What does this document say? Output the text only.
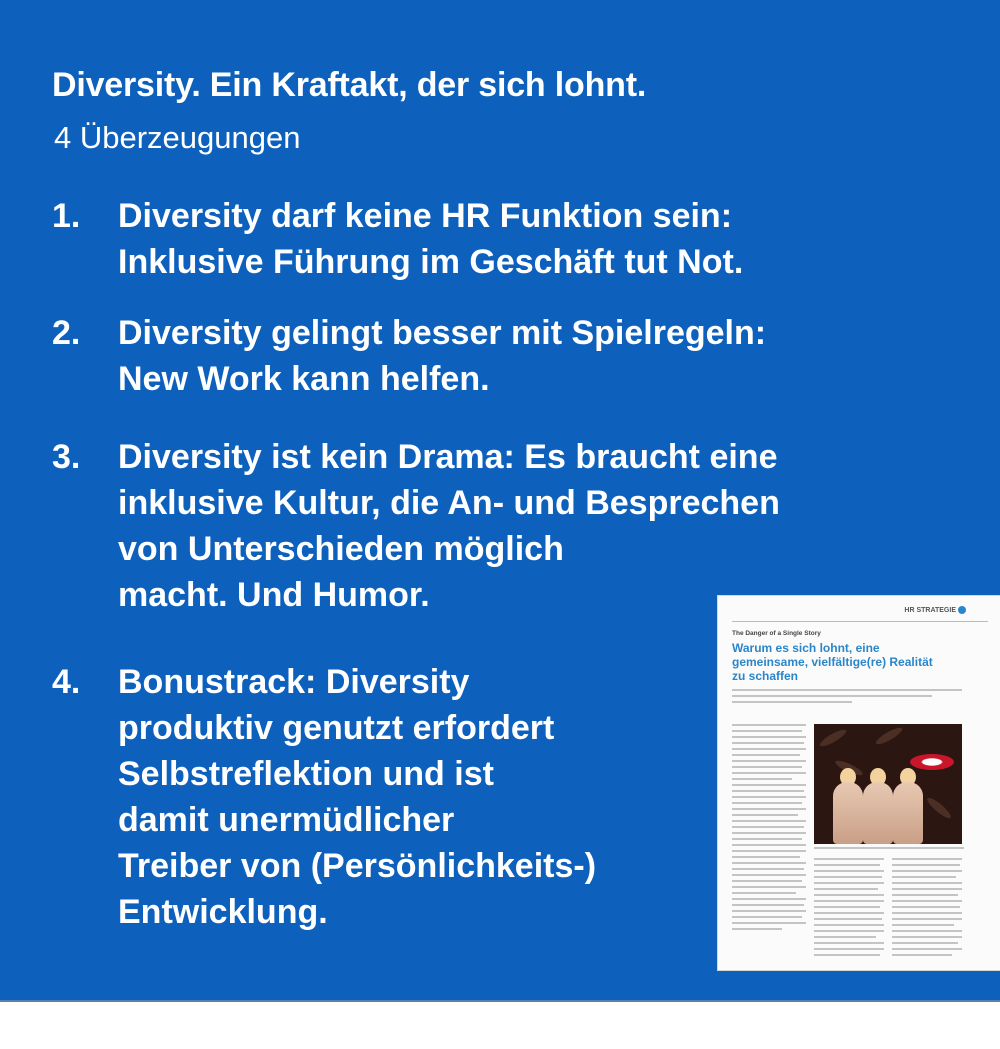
Diversity. Ein Kraftakt, der sich lohnt.
4 Überzeugungen
1. Diversity darf keine HR Funktion sein:
Inklusive Führung im Geschäft tut Not.
2. Diversity gelingt besser mit Spielregeln:
New Work kann helfen.
3. Diversity ist kein Drama: Es braucht eine
inklusive Kultur, die An- und Besprechen
von Unterschieden möglich
macht. Und Humor.
4. Bonustrack: Diversity
produktiv genutzt erfordert
Selbstreflektion und ist
damit unermüdlicher
Treiber von (Persönlichkeits-)
Entwicklung.
HR STRATEGIE
The Danger of a Single Story
Warum es sich lohnt, eine
gemeinsame, vielfältige(re) Realität
zu schaffen
